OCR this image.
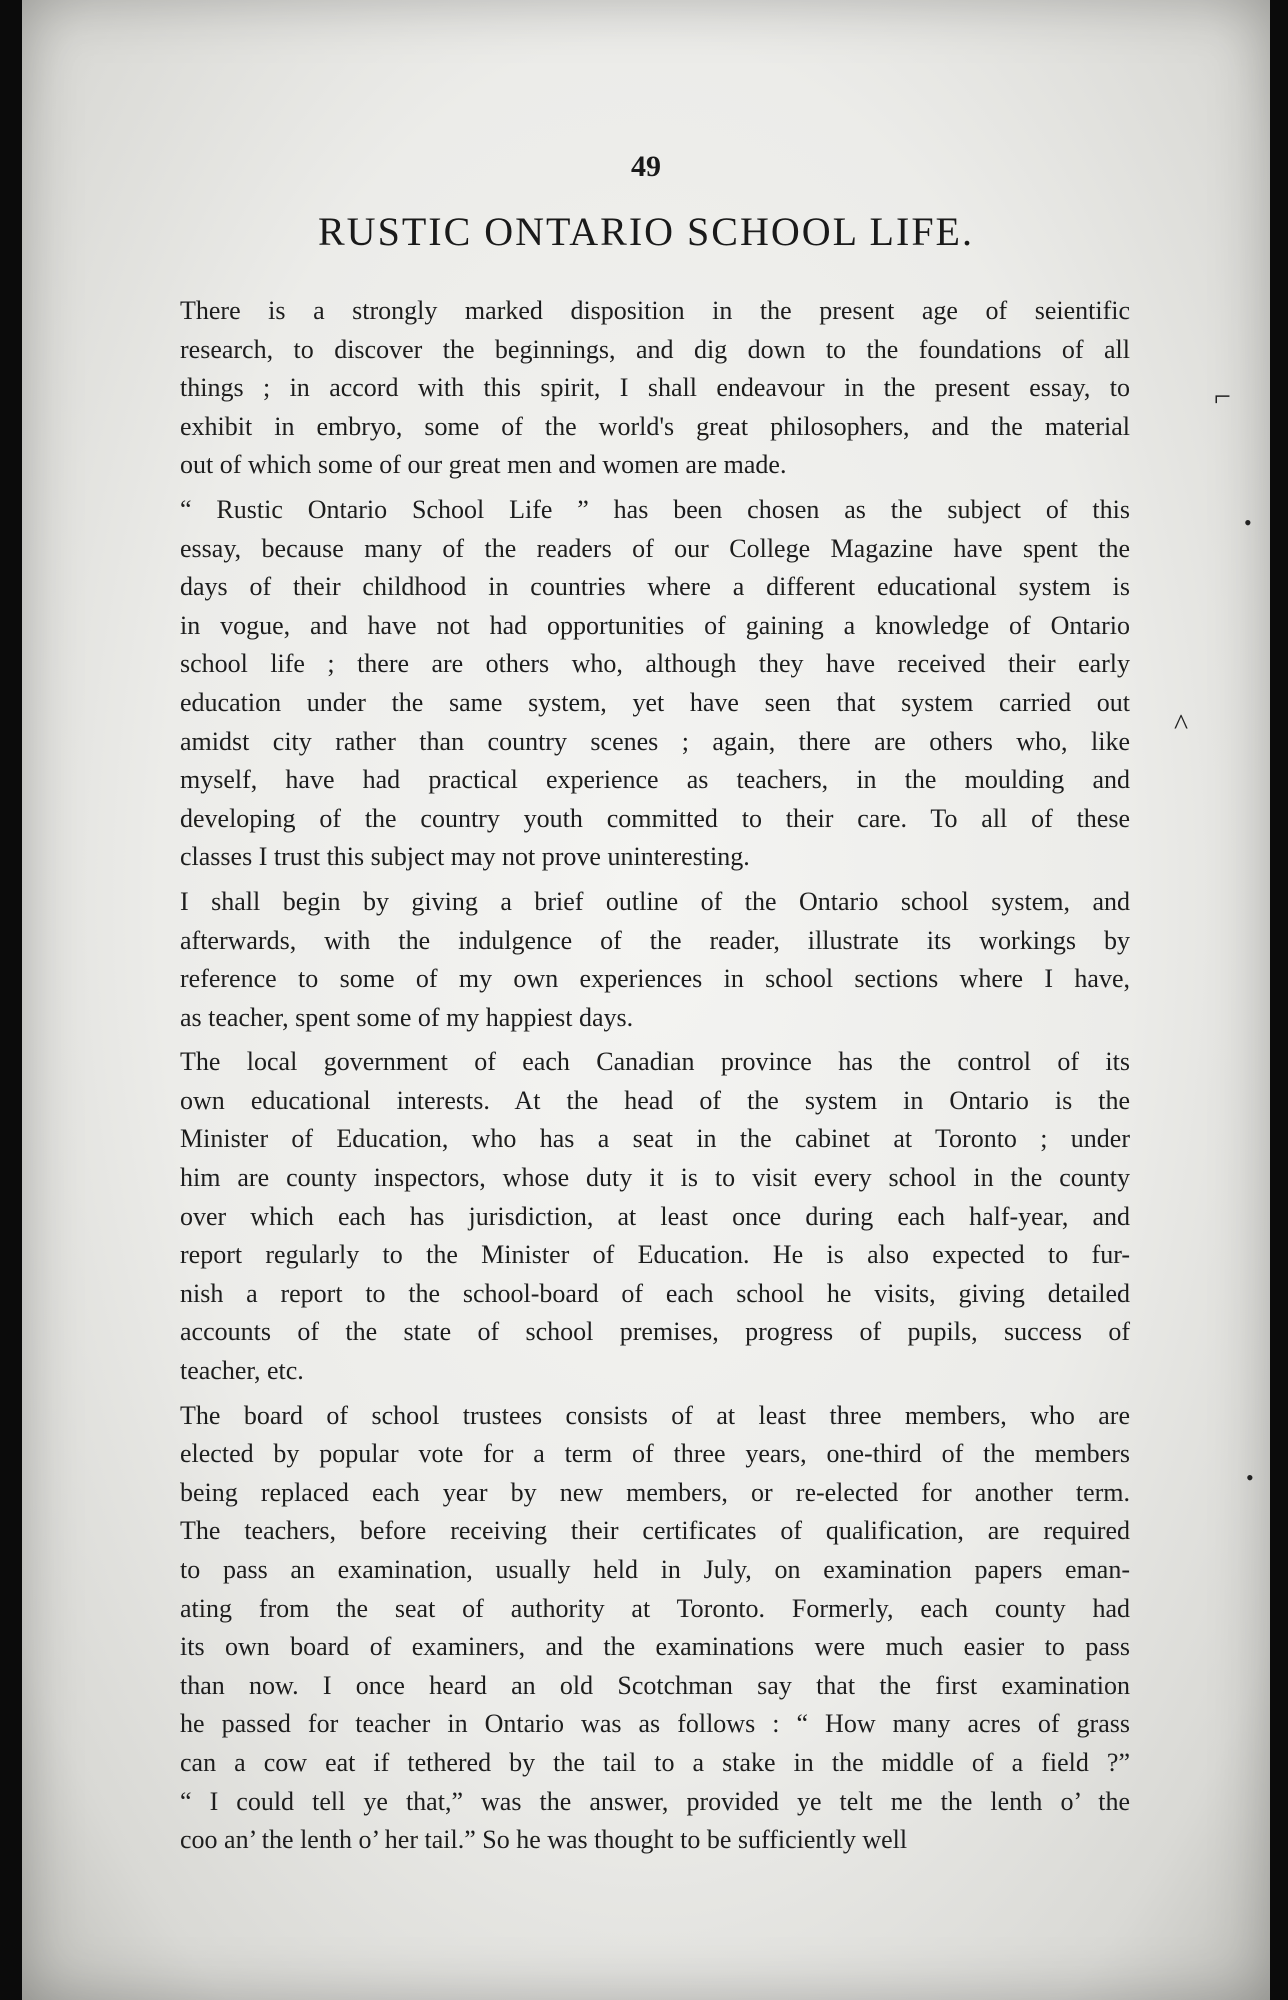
49
RUSTIC ONTARIO SCHOOL LIFE.
There is a strongly marked disposition in the present age of seientific
research, to discover the beginnings, and dig down to the foundations of all
things ; in accord with this spirit, I shall endeavour in the present essay, to
exhibit in embryo, some of the world's great philosophers, and the material
out of which some of our great men and women are made.
“ Rustic Ontario School Life ” has been chosen as the subject of this
essay, because many of the readers of our College Magazine have spent the
days of their childhood in countries where a different educational system is
in vogue, and have not had opportunities of gaining a knowledge of Ontario
school life ; there are others who, although they have received their early
education under the same system, yet have seen that system carried out
amidst city rather than country scenes ; again, there are others who, like
myself, have had practical experience as teachers, in the moulding and
developing of the country youth committed to their care. To all of these
classes I trust this subject may not prove uninteresting.
I shall begin by giving a brief outline of the Ontario school system, and
afterwards, with the indulgence of the reader, illustrate its workings by
reference to some of my own experiences in school sections where I have,
as teacher, spent some of my happiest days.
The local government of each Canadian province has the control of its
own educational interests. At the head of the system in Ontario is the
Minister of Education, who has a seat in the cabinet at Toronto ; under
him are county inspectors, whose duty it is to visit every school in the county
over which each has jurisdiction, at least once during each half-year, and
report regularly to the Minister of Education. He is also expected to fur-
nish a report to the school-board of each school he visits, giving detailed
accounts of the state of school premises, progress of pupils, success of
teacher, etc.
The board of school trustees consists of at least three members, who are
elected by popular vote for a term of three years, one-third of the members
being replaced each year by new members, or re-elected for another term.
The teachers, before receiving their certificates of qualification, are required
to pass an examination, usually held in July, on examination papers eman-
ating from the seat of authority at Toronto. Formerly, each county had
its own board of examiners, and the examinations were much easier to pass
than now. I once heard an old Scotchman say that the first examination
he passed for teacher in Ontario was as follows : “ How many acres of grass
can a cow eat if tethered by the tail to a stake in the middle of a field ?”
“ I could tell ye that,” was the answer, provided ye telt me the lenth o’ the
coo an’ the lenth o’ her tail.” So he was thought to be sufficiently well
•
•
⌐
^
